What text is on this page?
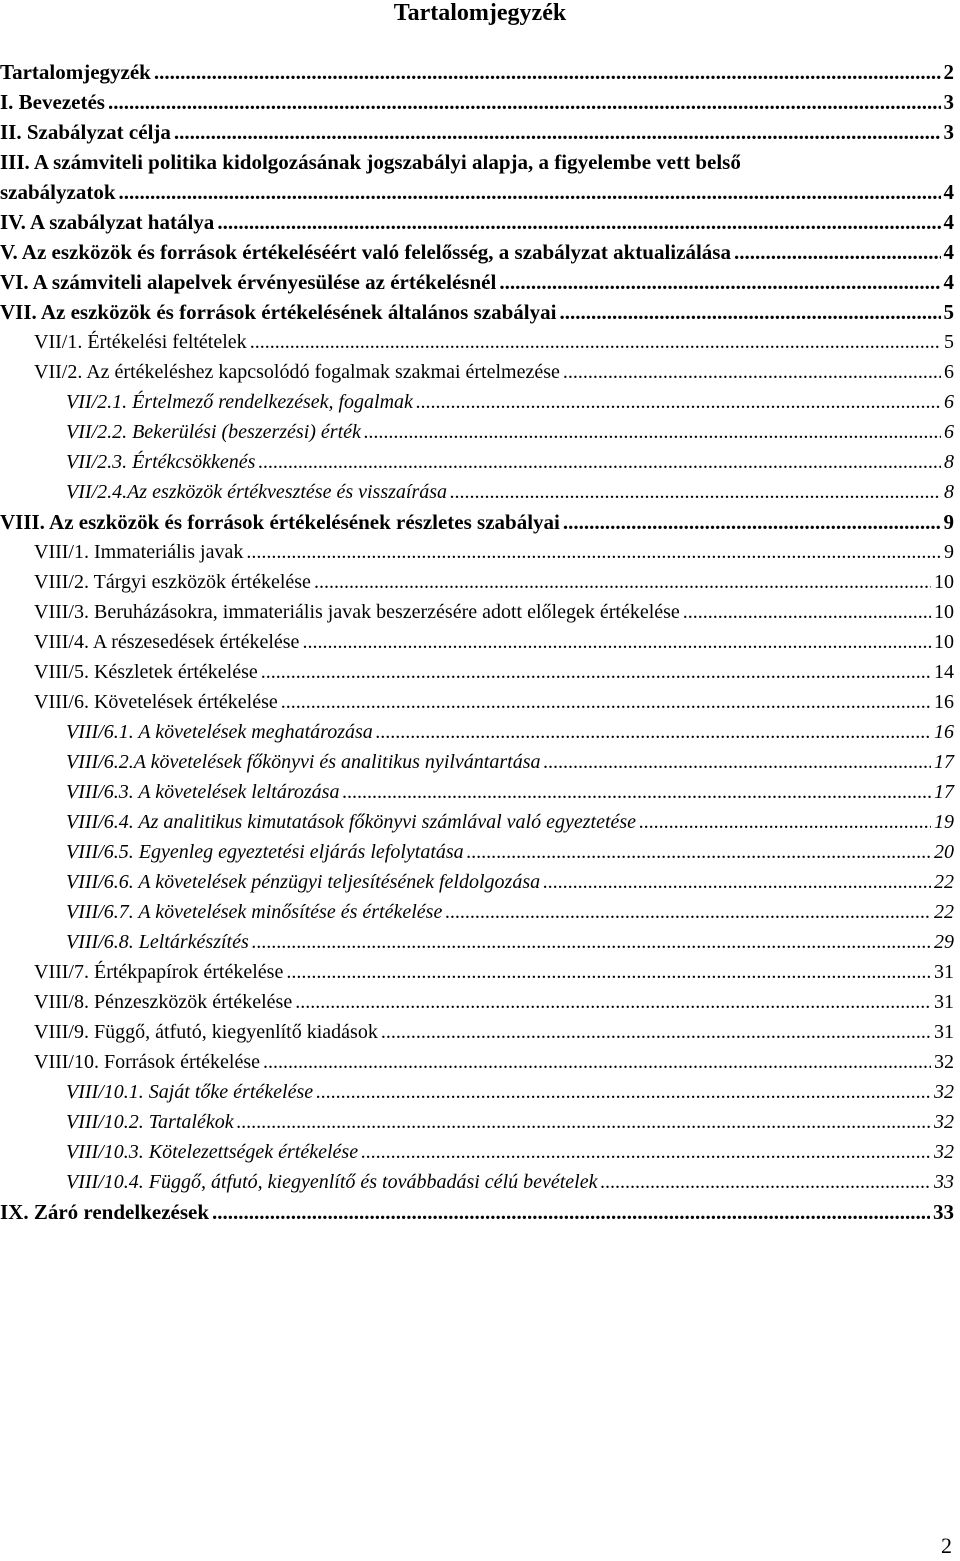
Tartalomjegyzék
Tartalomjegyzék .....	2
I. Bevezetés .....	3
II. Szabályzat célja .....	3
III. A számviteli politika kidolgozásának jogszabályi alapja, a figyelembe vett belső
szabályzatok .....	4
IV. A szabályzat hatálya .....	4
V. Az eszközök és források értékeléséért való felelősség, a szabályzat aktualizálása .....	4
VI. A számviteli alapelvek érvényesülése az értékelésnél .....	4
VII. Az eszközök és források értékelésének általános szabályai .....	5
VII/1. Értékelési feltételek .....	5
VII/2. Az értékeléshez kapcsolódó fogalmak szakmai értelmezése .....	6
VII/2.1. Értelmező rendelkezések, fogalmak .....	6
VII/2.2. Bekerülési (beszerzési) érték .....	6
VII/2.3. Értékcsökkenés .....	8
VII/2.4.Az eszközök értékvesztése és visszaírása .....	8
VIII. Az eszközök és források értékelésének részletes szabályai .....	9
VIII/1. Immateriális javak .....	9
VIII/2. Tárgyi eszközök értékelése .....	10
VIII/3. Beruházásokra, immateriális javak beszerzésére adott előlegek értékelése .....	10
VIII/4. A részesedések értékelése .....	10
VIII/5. Készletek értékelése .....	14
VIII/6. Követelések értékelése .....	16
VIII/6.1. A követelések meghatározása .....	16
VIII/6.2.A követelések főkönyvi és analitikus nyilvántartása .....	17
VIII/6.3. A követelések leltározása .....	17
VIII/6.4. Az analitikus kimutatások főkönyvi számlával való egyeztetése .....	19
VIII/6.5. Egyenleg egyeztetési eljárás lefolytatása .....	20
VIII/6.6. A követelések pénzügyi teljesítésének feldolgozása .....	22
VIII/6.7. A követelések minősítése és értékelése .....	22
VIII/6.8. Leltárkészítés .....	29
VIII/7. Értékpapírok értékelése .....	31
VIII/8. Pénzeszközök értékelése .....	31
VIII/9. Függő, átfutó, kiegyenlítő kiadások .....	31
VIII/10. Források értékelése .....	32
VIII/10.1. Saját tőke értékelése .....	32
VIII/10.2. Tartalékok .....	32
VIII/10.3. Kötelezettségek értékelése .....	32
VIII/10.4. Függő, átfutó, kiegyenlítő és továbbadási célú bevételek .....	33
IX. Záró rendelkezések .....	33
2
